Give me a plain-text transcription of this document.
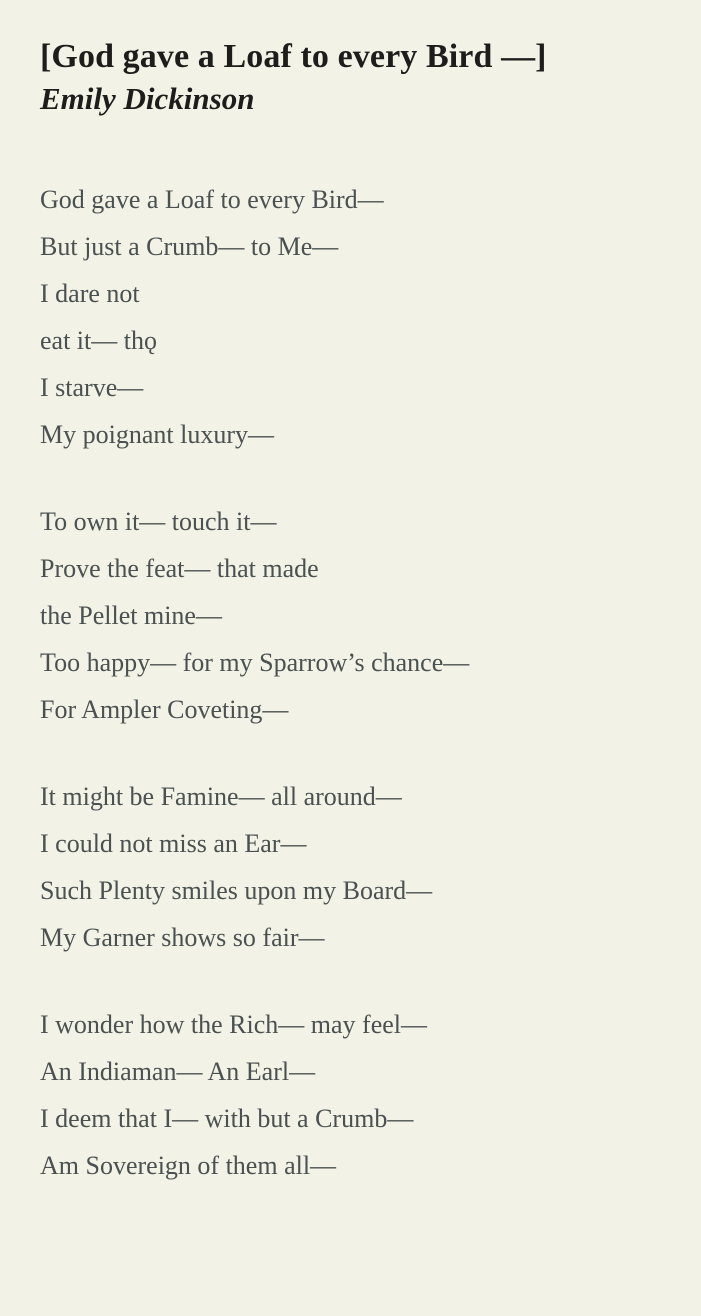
[God gave a Loaf to every Bird —]
Emily Dickinson
God gave a Loaf to every Bird—
But just a Crumb— to Me—
I dare not
eat it— thǫ
I starve—
My poignant luxury—
To own it— touch it—
Prove the feat— that made
the Pellet mine—
Too happy— for my Sparrow’s chance—
For Ampler Coveting—
It might be Famine— all around—
I could not miss an Ear—
Such Plenty smiles upon my Board—
My Garner shows so fair—
I wonder how the Rich— may feel—
An Indiaman— An Earl—
I deem that I— with but a Crumb—
Am Sovereign of them all—
